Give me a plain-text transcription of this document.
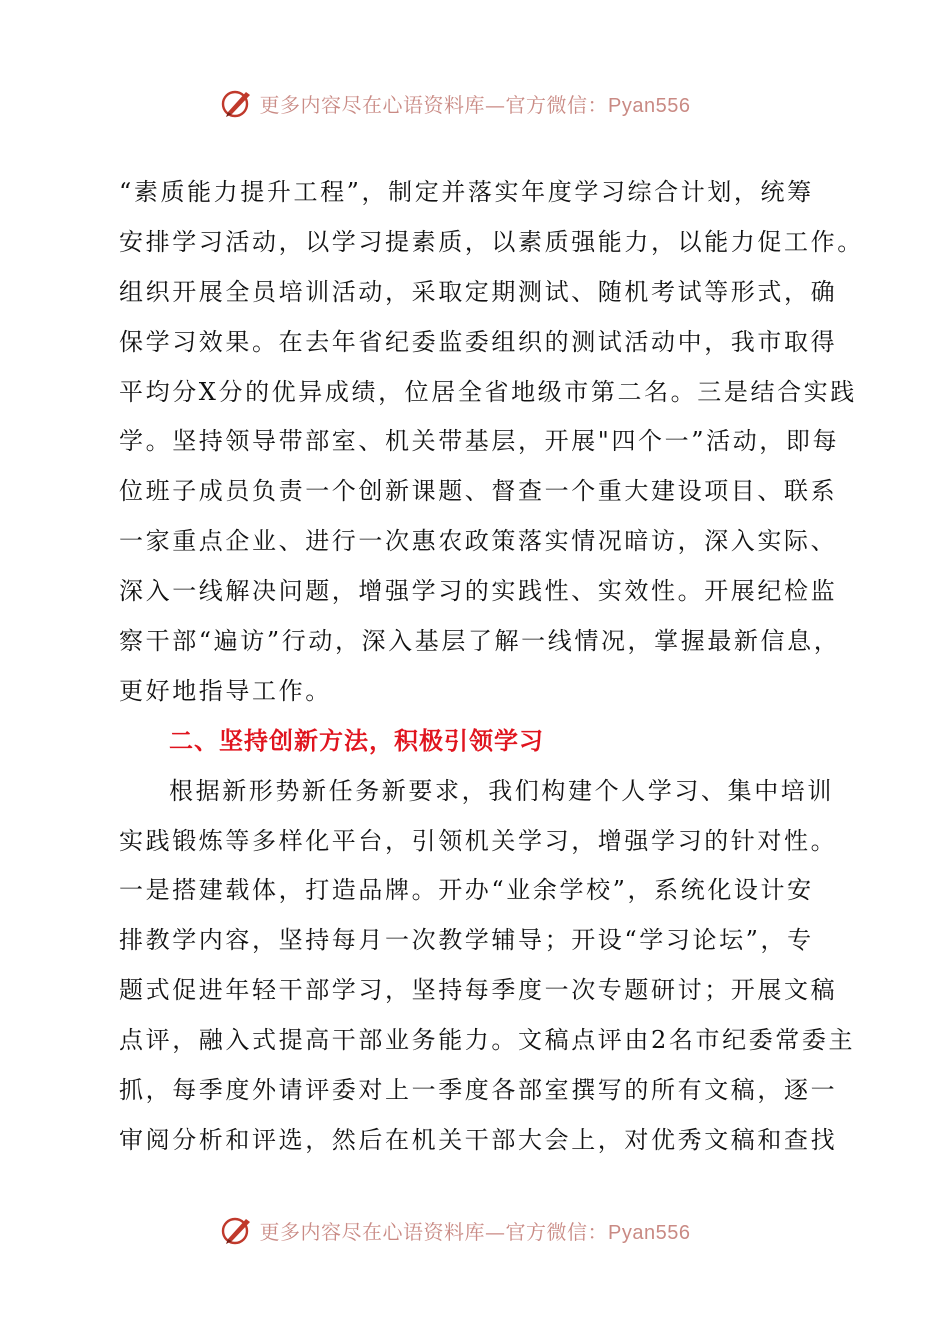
更多内容尽在心语资料库—官方微信：Pyan556
“素质能力提升工程”，制定并落实年度学习综合计划，统筹
安排学习活动，以学习提素质，以素质强能力，以能力促工作。
组织开展全员培训活动，采取定期测试、随机考试等形式，确
保学习效果。在去年省纪委监委组织的测试活动中，我市取得
平均分X分的优异成绩，位居全省地级市第二名。三是结合实践
学。坚持领导带部室、机关带基层，开展"四个一”活动，即每
位班子成员负责一个创新课题、督查一个重大建设项目、联系
一家重点企业、进行一次惠农政策落实情况暗访，深入实际、
深入一线解决问题，增强学习的实践性、实效性。开展纪检监
察干部“遍访”行动，深入基层了解一线情况，掌握最新信息，
更好地指导工作。
二、坚持创新方法，积极引领学习
根据新形势新任务新要求，我们构建个人学习、集中培训
实践锻炼等多样化平台，引领机关学习，增强学习的针对性。
一是搭建载体，打造品牌。开办“业余学校”，系统化设计安
排教学内容，坚持每月一次教学辅导；开设“学习论坛”，专
题式促进年轻干部学习，坚持每季度一次专题研讨；开展文稿
点评，融入式提高干部业务能力。文稿点评由2名市纪委常委主
抓，每季度外请评委对上一季度各部室撰写的所有文稿，逐一
审阅分析和评选，然后在机关干部大会上，对优秀文稿和查找
更多内容尽在心语资料库—官方微信：Pyan556
